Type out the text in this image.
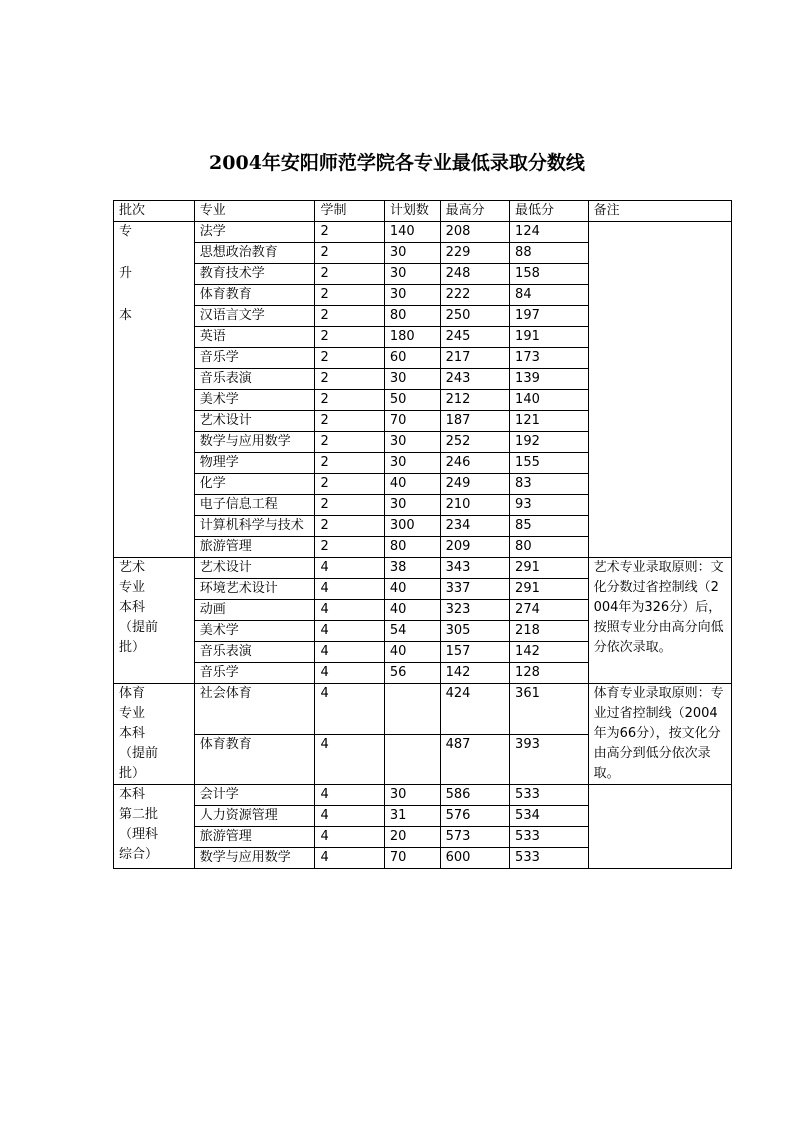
2004年安阳师范学院各专业最低录取分数线
批次	专业	学制	计划数	最高分	最低分	备注

专
升
本	法学	2	140	208	124	
	思想政治教育	2	30	229	88	
	教育技术学	2	30	248	158	
	体育教育	2	30	222	84	
	汉语言文学	2	80	250	197	
	英语	2	180	245	191	
	音乐学	2	60	217	173	
	音乐表演	2	30	243	139	
	美术学	2	50	212	140	
	艺术设计	2	70	187	121	
	数学与应用数学	2	30	252	192	
	物理学	2	30	246	155	
	化学	2	40	249	83	
	电子信息工程	2	30	210	93	
	计算机科学与技术	2	300	234	85	
	旅游管理	2	80	209	80	

艺术
专业
本科
（提前
批）	艺术设计	4	38	343	291	艺术专业录取原则：文化分数过省控制线（2004年为326分）后，按照专业分由高分向低分依次录取。
	环境艺术设计	4	40	337	291	
	动画	4	40	323	274	
	美术学	4	54	305	218	
	音乐表演	4	40	157	142	
	音乐学	4	56	142	128	

体育
专业
本科
（提前
批）	社会体育	4		424	361	体育专业录取原则：专业过省控制线（2004年为66分），按文化分由高分到低分依次录取。
	体育教育	4		487	393	

本科
第二批
（理科
综合）	会计学	4	30	586	533	
	人力资源管理	4	31	576	534	
	旅游管理	4	20	573	533	
	数学与应用数学	4	70	600	533	
